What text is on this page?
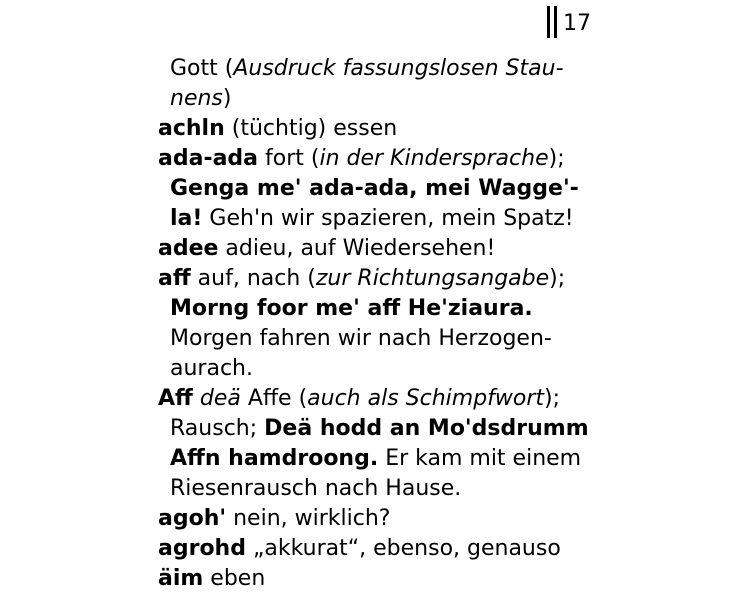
17
Gott (Ausdruck fassungslosen Stau-
nens)
achln (tüchtig) essen
ada-ada fort (in der Kindersprache);
Genga me' ada-ada, mei Wagge'-
la! Geh'n wir spazieren, mein Spatz!
adee adieu, auf Wiedersehen!
aff auf, nach (zur Richtungsangabe);
Morng foor me' aff He'ziaura.
Morgen fahren wir nach Herzogen-
aurach.
Aff deä Affe (auch als Schimpfwort);
Rausch; Deä hodd an Mo'dsdrumm
Affn hamdroong. Er kam mit einem
Riesenrausch nach Hause.
agoh' nein, wirklich?
agrohd „akkurat“, ebenso, genauso
äim eben
